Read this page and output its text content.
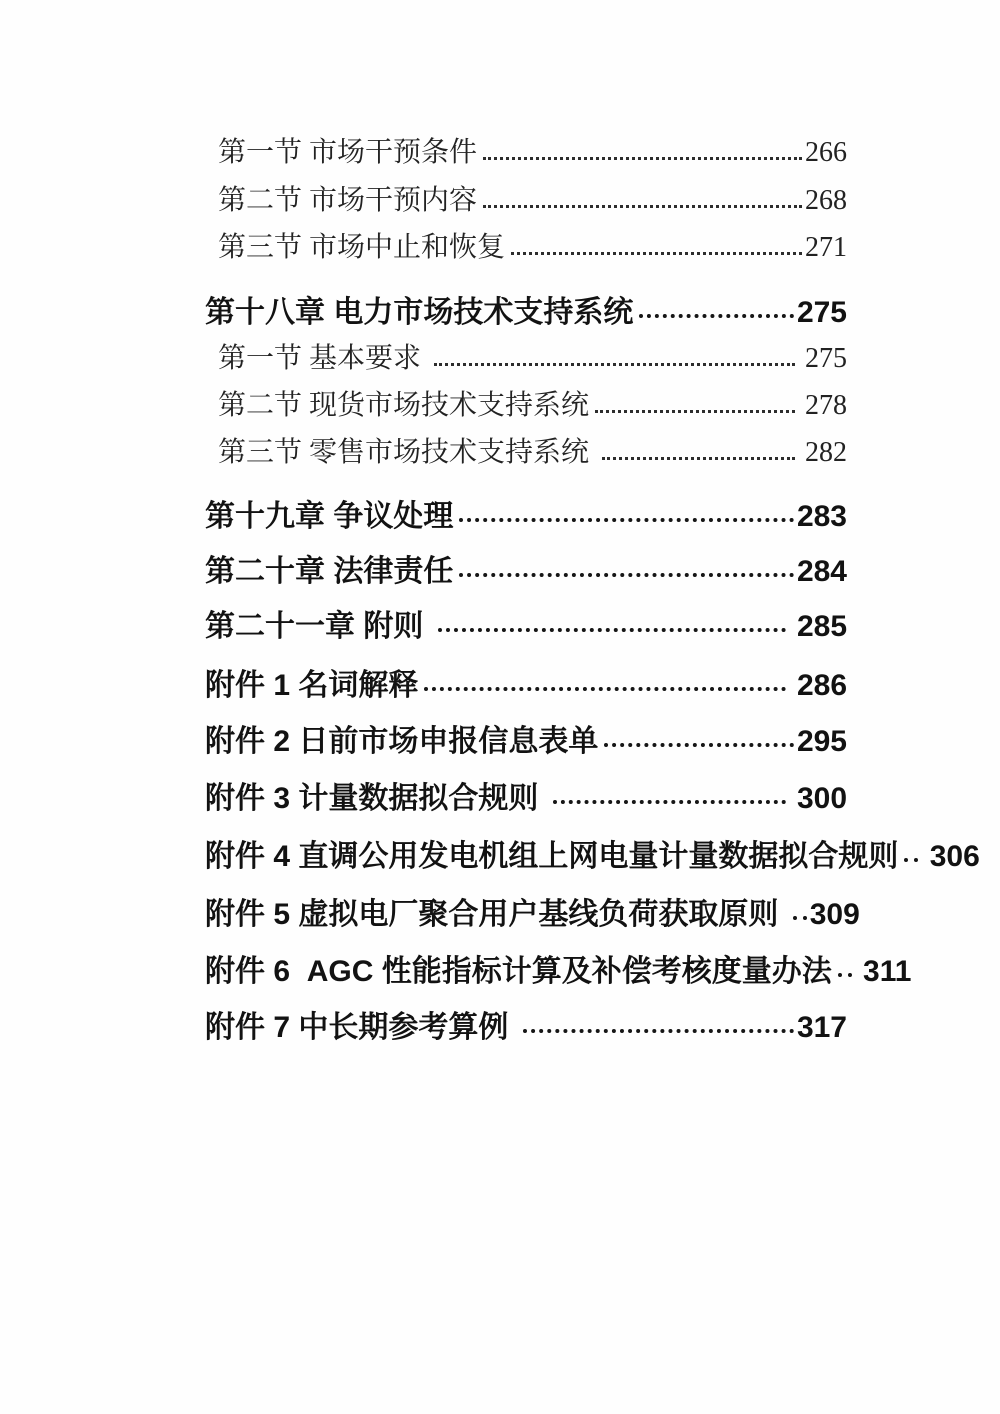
第一节 市场干预条件	266
第二节 市场干预内容	268
第三节 市场中止和恢复	271
第十八章 电力市场技术支持系统	275
第一节 基本要求	275
第二节 现货市场技术支持系统	278
第三节 零售市场技术支持系统	282
第十九章 争议处理	283
第二十章 法律责任	284
第二十一章 附则	285
附件 1 名词解释	286
附件 2 日前市场申报信息表单	295
附件 3 计量数据拟合规则	300
附件 4 直调公用发电机组上网电量计量数据拟合规则 306
附件 5 虚拟电厂聚合用户基线负荷获取原则 309
附件 6  AGC 性能指标计算及补偿考核度量办法 311
附件 7 中长期参考算例	317
